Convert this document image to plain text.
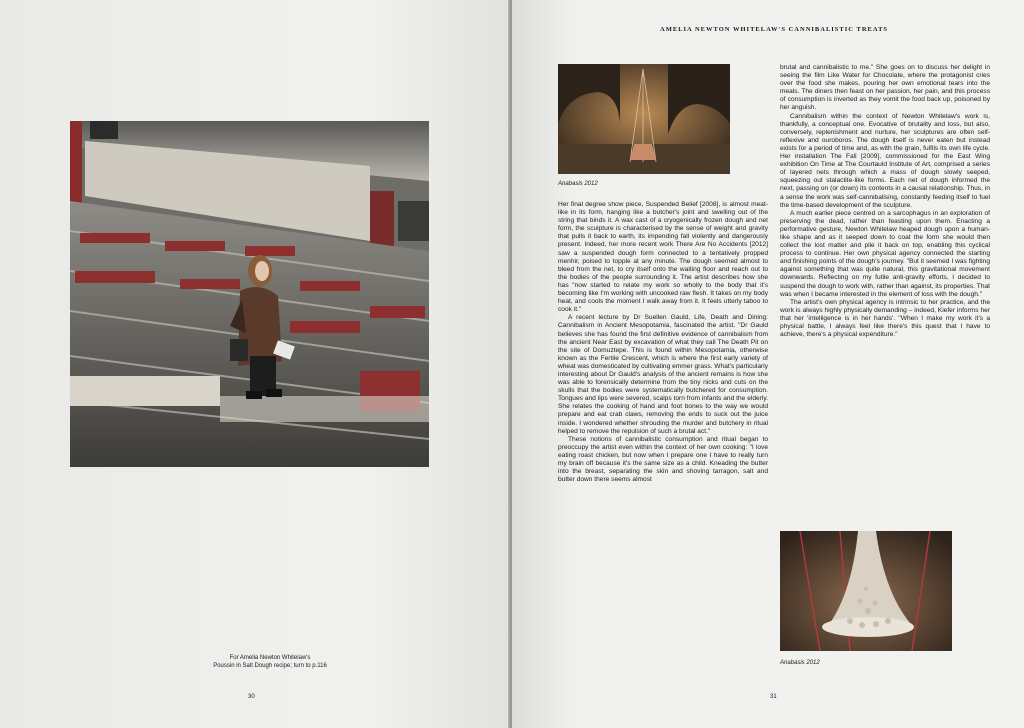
For Amelia Newton Whitelaw's
Poussin in Salt Dough recipe; turn to p.116
30
AMELIA NEWTON WHITELAW'S CANNIBALISTIC TREATS
Anabasis 2012

Her final degree show piece, Suspended Belief [2008], is almost meat-like in its form, hanging like a butcher's joint and swelling out of the string that binds it. A wax cast of a cryogenically frozen dough and net form, the sculpture is characterised by the sense of weight and gravity that pulls it back to earth, its impending fall violently and dangerously present. Indeed, her more recent work There Are No Accidents [2012] saw a suspended dough form connected to a tentatively propped menhir, poised to topple at any minute. The dough seemed almost to bleed from the net, to cry itself onto the waiting floor and reach out to the bodies of the people surrounding it. The artist describes how she has "now started to relate my work so wholly to the body that it's becoming like I'm working with uncooked raw flesh. It takes on my body heat, and cools the moment I walk away from it. It feels utterly taboo to cook it."

A recent lecture by Dr Suellen Gauld, Life, Death and Dining: Cannibalism in Ancient Mesopotamia, fascinated the artist. "Dr Gauld believes she has found the first definitive evidence of cannibalism from the ancient Near East by excavation of what they call The Death Pit on the site of Domuztepe. This is found within Mesopotamia, otherwise known as the Fertile Crescent, which is where the first early variety of wheat was domesticated by cultivating emmer grass. What's particularly interesting about Dr Gauld's analysis of the ancient remains is how she was able to forensically determine from the tiny nicks and cuts on the skulls that the bodies were systematically butchered for consumption. Tongues and lips were severed, scalps torn from infants and the elderly. She relates the cooking of hand and foot bones to the way we would prepare and eat crab claws, removing the ends to suck out the juice inside. I wondered whether shrouding the murder and butchery in ritual helped to remove the repulsion of such a brutal act."

These notions of cannibalistic consumption and ritual began to preoccupy the artist even within the context of her own cooking: "I love eating roast chicken, but now when I prepare one I have to really turn my brain off because it's the same size as a child. Kneading the butter into the breast, separating the skin and shoving tarragon, salt and butter down there seems almost

brutal and cannibalistic to me." She goes on to discuss her delight in seeing the film Like Water for Chocolate, where the protagonist cries over the food she makes, pouring her own emotional tears into the meals. The diners then feast on her passion, her pain, and this process of consumption is inverted as they vomit the food back up, poisoned by her anguish.

Cannibalism within the context of Newton Whitelaw's work is, thankfully, a conceptual one. Evocative of brutality and loss, but also, conversely, replenishment and nurture, her sculptures are often self-reflexive and ouroboros. The dough itself is never eaten but instead exists for a period of time and, as with the grain, fulfils its own life cycle. Her installation The Fall [2009], commissioned for the East Wing exhibition On Time at The Courtauld Institute of Art, comprised a series of layered nets through which a mass of dough slowly seeped, squeezing out stalactite-like forms. Each net of dough informed the next, passing on (or down) its contents in a causal relationship. Thus, in a sense the work was self-cannibalising, constantly feeding itself to fuel the time-based development of the sculpture.

A much earlier piece centred on a sarcophagus in an exploration of preserving the dead, rather than feasting upon them. Enacting a performative gesture, Newton Whitelaw heaped dough upon a human-like shape and as it seeped down to coat the form she would then collect the lost matter and pile it back on top, enabling this cyclical process to continue. Her own physical agency connected the starting and finishing points of the dough's journey. "But it seemed I was fighting against something that was quite natural, this gravitational movement downwards. Reflecting on my futile anti-gravity efforts, I decided to suspend the dough to work with, rather than against, its properties. That was when I became interested in the element of loss with the dough."

The artist's own physical agency is intrinsic to her practice, and the work is always highly physically demanding – indeed, Kiefer informs her that her 'intelligence is in her hands'. "When I make my work it's a physical battle, I always feel like there's this quest that I have to achieve, there's a physical expenditure."

Anabasis 2012
31
